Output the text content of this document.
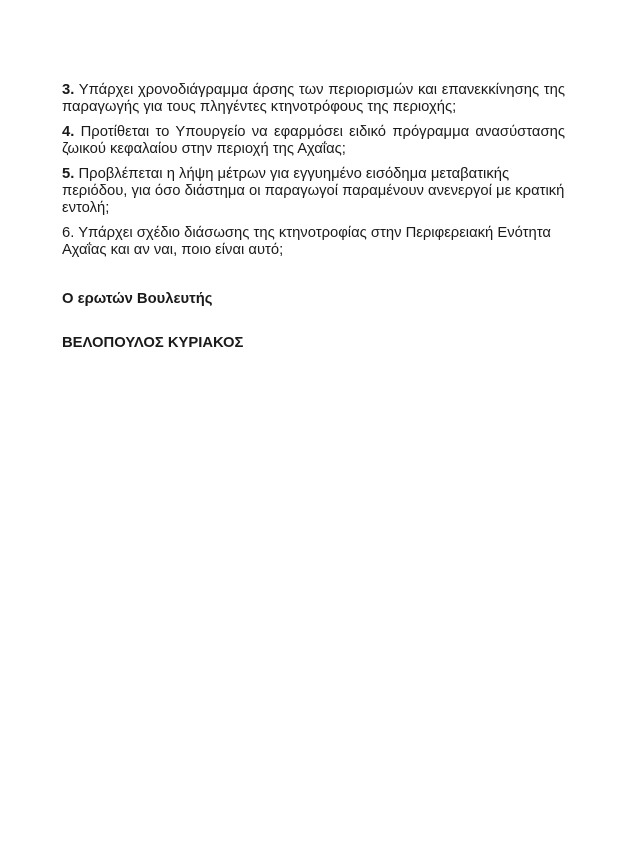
3. Υπάρχει χρονοδιάγραμμα άρσης των περιορισμών και επανεκκίνησης της παραγωγής για τους πληγέντες κτηνοτρόφους της περιοχής;

4. Προτίθεται το Υπουργείο να εφαρμόσει ειδικό πρόγραμμα ανασύστασης ζωικού κεφαλαίου στην περιοχή της Αχαΐας;

5. Προβλέπεται η λήψη μέτρων για εγγυημένο εισόδημα μεταβατικής περιόδου, για όσο διάστημα οι παραγωγοί παραμένουν ανενεργοί με κρατική εντολή;

6. Υπάρχει σχέδιο διάσωσης της κτηνοτροφίας στην Περιφερειακή Ενότητα Αχαΐας και αν ναι, ποιο είναι αυτό;

Ο ερωτών Βουλευτής

ΒΕΛΟΠΟΥΛΟΣ ΚΥΡΙΑΚΟΣ
